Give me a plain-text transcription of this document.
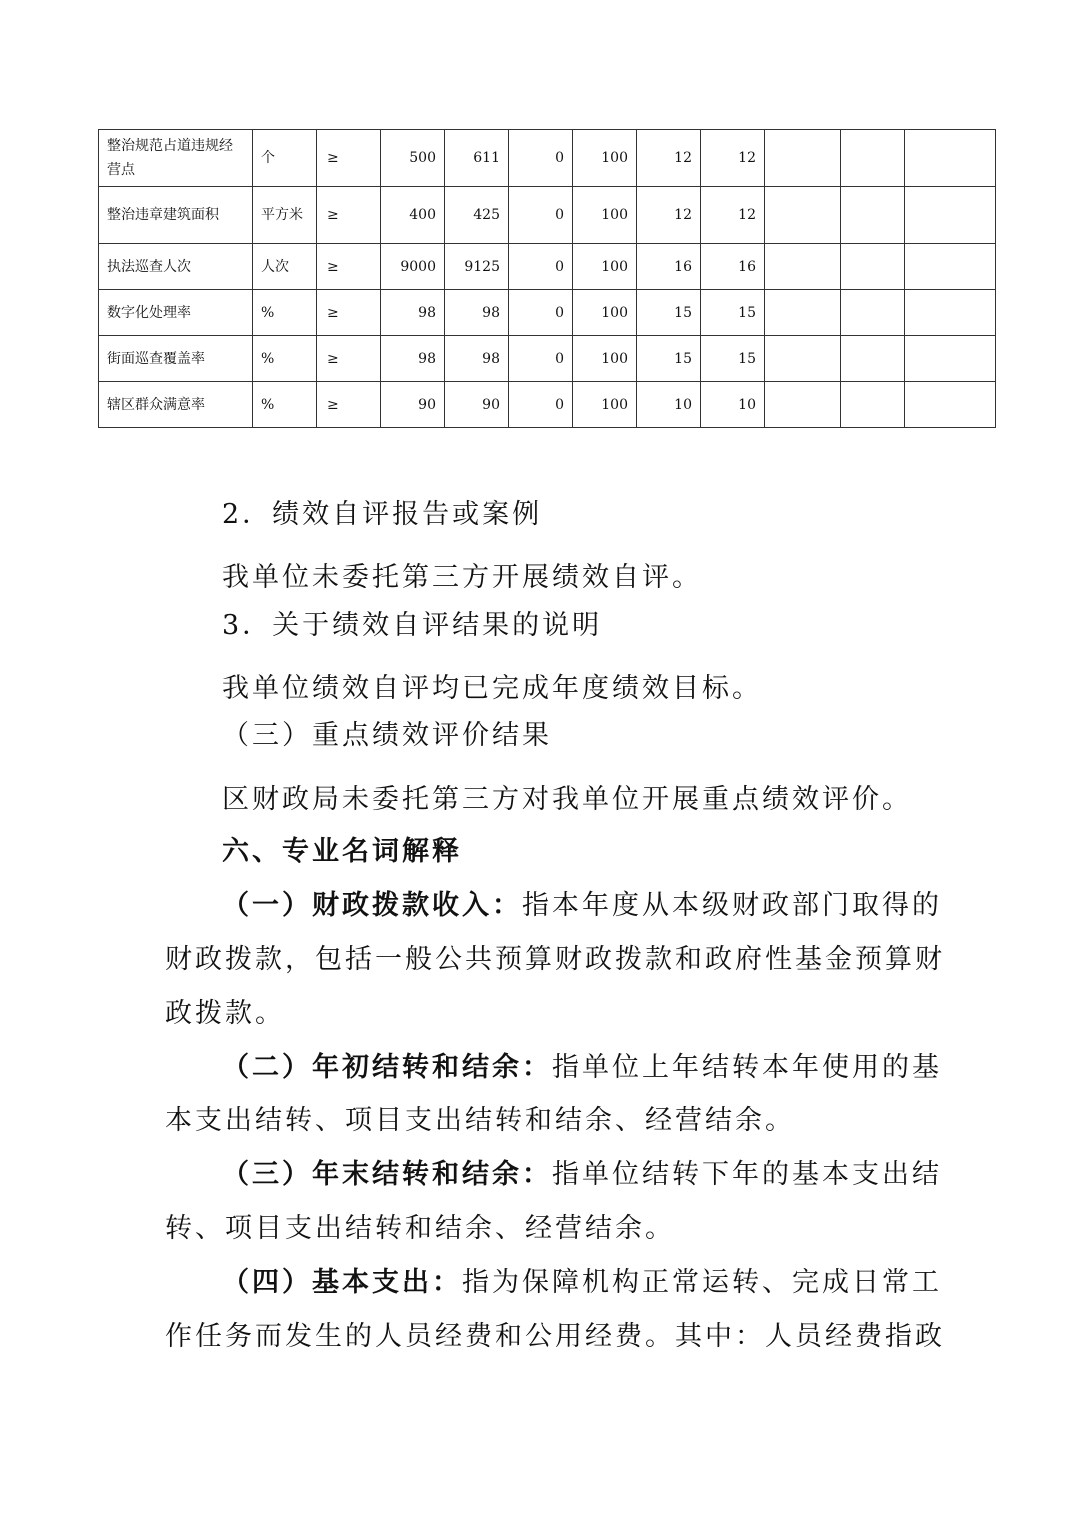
整治规范占道违规经营点	个	≥	500	611	0	100	12	12			
整治违章建筑面积	平方米	≥	400	425	0	100	12	12			
执法巡查人次	人次	≥	9000	9125	0	100	16	16			
数字化处理率	%	≥	98	98	0	100	15	15			
街面巡查覆盖率	%	≥	98	98	0	100	15	15			
辖区群众满意率	%	≥	90	90	0	100	10	10			

2．绩效自评报告或案例

我单位未委托第三方开展绩效自评。

3．关于绩效自评结果的说明

我单位绩效自评均已完成年度绩效目标。

（三）重点绩效评价结果

区财政局未委托第三方对我单位开展重点绩效评价。

六、专业名词解释

（一）财政拨款收入：指本年度从本级财政部门取得的

财政拨款，包括一般公共预算财政拨款和政府性基金预算财

政拨款。

（二）年初结转和结余：指单位上年结转本年使用的基

本支出结转、项目支出结转和结余、经营结余。

（三）年末结转和结余：指单位结转下年的基本支出结

转、项目支出结转和结余、经营结余。

（四）基本支出：指为保障机构正常运转、完成日常工

作任务而发生的人员经费和公用经费。其中：人员经费指政
